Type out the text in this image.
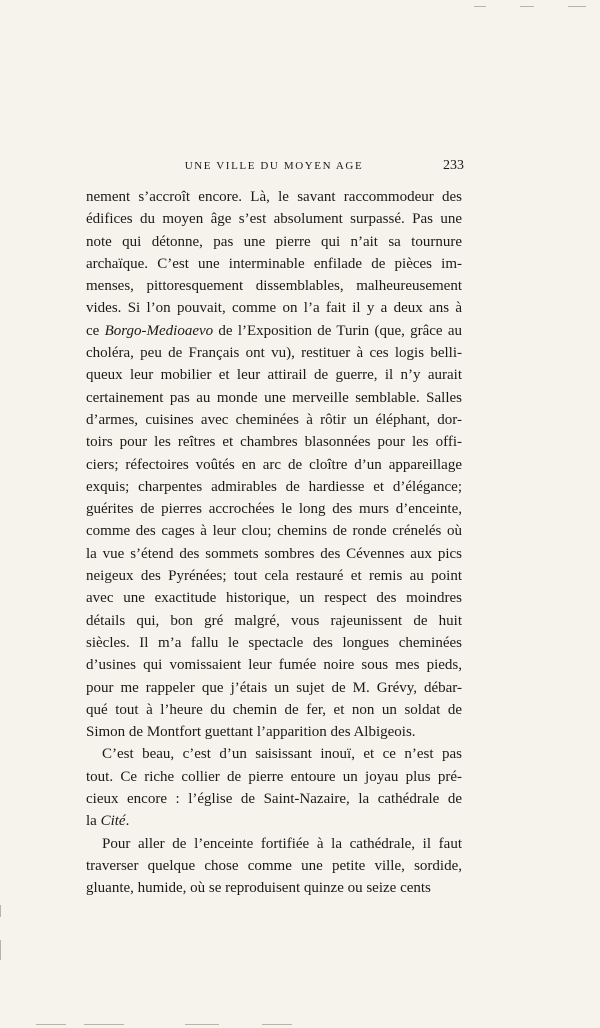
UNE VILLE DU MOYEN AGE	233
nement s’accroît encore. Là, le savant raccommodeur des
édifices du moyen âge s’est absolument surpassé. Pas une
note qui détonne, pas une pierre qui n’ait sa tournure
archaïque. C’est une interminable enfilade de pièces im-
menses, pittoresquement dissemblables, malheureusement
vides. Si l’on pouvait, comme on l’a fait il y a deux ans à
ce Borgo-Medioaevo de l’Exposition de Turin (que, grâce au
choléra, peu de Français ont vu), restituer à ces logis belli-
queux leur mobilier et leur attirail de guerre, il n’y aurait
certainement pas au monde une merveille semblable. Salles
d’armes, cuisines avec cheminées à rôtir un éléphant, dor-
toirs pour les reîtres et chambres blasonnées pour les offi-
ciers; réfectoires voûtés en arc de cloître d’un appareillage
exquis; charpentes admirables de hardiesse et d’élégance;
guérites de pierres accrochées le long des murs d’enceinte,
comme des cages à leur clou; chemins de ronde crénelés où
la vue s’étend des sommets sombres des Cévennes aux pics
neigeux des Pyrénées; tout cela restauré et remis au point
avec une exactitude historique, un respect des moindres
détails qui, bon gré malgré, vous rajeunissent de huit
siècles. Il m’a fallu le spectacle des longues cheminées
d’usines qui vomissaient leur fumée noire sous mes pieds,
pour me rappeler que j’étais un sujet de M. Grévy, débar-
qué tout à l’heure du chemin de fer, et non un soldat de
Simon de Montfort guettant l’apparition des Albigeois.
C’est beau, c’est d’un saisissant inouï, et ce n’est pas
tout. Ce riche collier de pierre entoure un joyau plus pré-
cieux encore : l’église de Saint-Nazaire, la cathédrale de
la Cité.
Pour aller de l’enceinte fortifiée à la cathédrale, il faut
traverser quelque chose comme une petite ville, sordide,
gluante, humide, où se reproduisent quinze ou seize cents
